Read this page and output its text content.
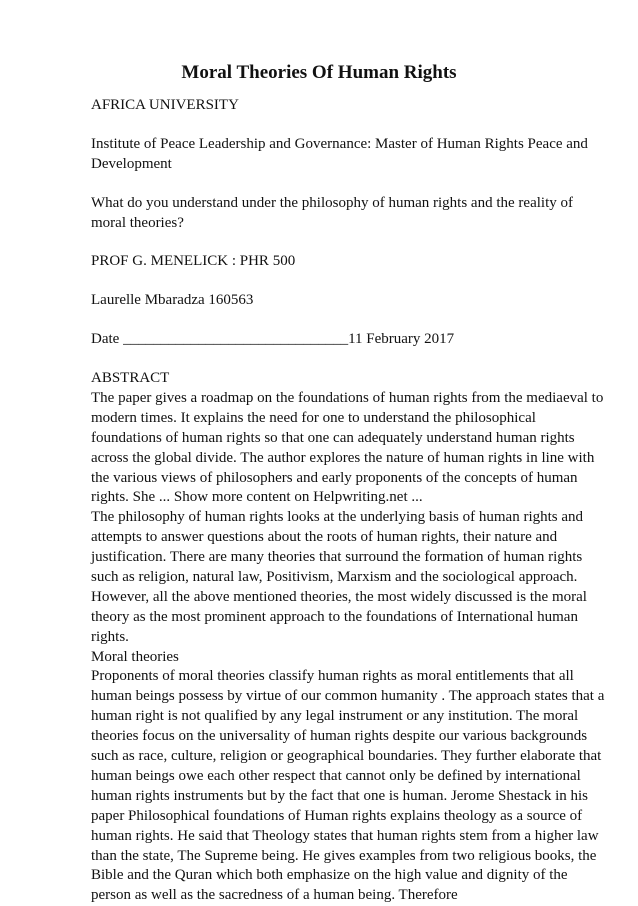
Moral Theories Of Human Rights
AFRICA UNIVERSITY
Institute of Peace Leadership and Governance: Master of Human Rights Peace and
Development
What do you understand under the philosophy of human rights and the reality of
moral theories?
PROF G. MENELICK : PHR 500
Laurelle Mbaradza 160563
Date ______________________________11 February 2017
ABSTRACT
The paper gives a roadmap on the foundations of human rights from the mediaeval to
modern times. It explains the need for one to understand the philosophical
foundations of human rights so that one can adequately understand human rights
across the global divide. The author explores the nature of human rights in line with
the various views of philosophers and early proponents of the concepts of human
rights. She ... Show more content on Helpwriting.net ...
The philosophy of human rights looks at the underlying basis of human rights and
attempts to answer questions about the roots of human rights, their nature and
justification. There are many theories that surround the formation of human rights
such as religion, natural law, Positivism, Marxism and the sociological approach.
However, all the above mentioned theories, the most widely discussed is the moral
theory as the most prominent approach to the foundations of International human
rights.
Moral theories
Proponents of moral theories classify human rights as moral entitlements that all
human beings possess by virtue of our common humanity . The approach states that a
human right is not qualified by any legal instrument or any institution. The moral
theories focus on the universality of human rights despite our various backgrounds
such as race, culture, religion or geographical boundaries. They further elaborate that
human beings owe each other respect that cannot only be defined by international
human rights instruments but by the fact that one is human. Jerome Shestack in his
paper Philosophical foundations of Human rights explains theology as a source of
human rights. He said that Theology states that human rights stem from a higher law
than the state, The Supreme being. He gives examples from two religious books, the
Bible and the Quran which both emphasize on the high value and dignity of the
person as well as the sacredness of a human being. Therefore
